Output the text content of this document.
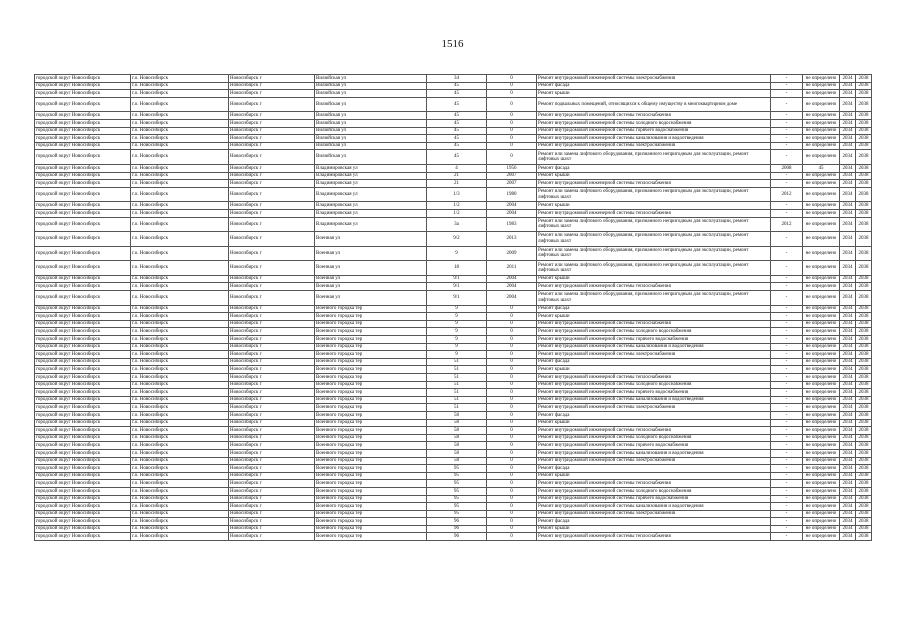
1516
городской округ Новосибирск	г.о. Новосибирск	Новосибирск г	Вилюйская ул	34	0	Ремонт внутридомовой инженерной системы электроснабжения	-	не определено	2034	2038
городской округ Новосибирск	г.о. Новосибирск	Новосибирск г	Вилюйская ул	45	0	Ремонт фасада	-	не определено	2034	2038
городской округ Новосибирск	г.о. Новосибирск	Новосибирск г	Вилюйская ул	45	0	Ремонт крыши	-	не определено	2034	2038
городской округ Новосибирск	г.о. Новосибирск	Новосибирск г	Вилюйская ул	45	0	Ремонт подвальных помещений, относящихся к общему имуществу в многоквартирном доме	-	не определено	2034	2038
городской округ Новосибирск	г.о. Новосибирск	Новосибирск г	Вилюйская ул	45	0	Ремонт внутридомовой инженерной системы теплоснабжения	-	не определено	2034	2038
городской округ Новосибирск	г.о. Новосибирск	Новосибирск г	Вилюйская ул	45	0	Ремонт внутридомовой инженерной системы холодного водоснабжения	-	не определено	2034	2038
городской округ Новосибирск	г.о. Новосибирск	Новосибирск г	Вилюйская ул	45	0	Ремонт внутридомовой инженерной системы горячего водоснабжения	-	не определено	2034	2038
городской округ Новосибирск	г.о. Новосибирск	Новосибирск г	Вилюйская ул	45	0	Ремонт внутридомовой инженерной системы канализования и водоотведения	-	не определено	2034	2038
городской округ Новосибирск	г.о. Новосибирск	Новосибирск г	Вилюйская ул	45	0	Ремонт внутридомовой инженерной системы электроснабжения	-	не определено	2034	2038
городской округ Новосибирск	г.о. Новосибирск	Новосибирск г	Вилюйская ул	45	0	Ремонт или замена лифтового оборудования, признанного непригодным для эксплуатации, ремонт лифтовых шахт	-	не определено	2034	2038
городской округ Новосибирск	г.о. Новосибирск	Новосибирск г	Владимировская ул	4	1956	Ремонт фасада	2008	45	2034	2038
городской округ Новосибирск	г.о. Новосибирск	Новосибирск г	Владимировская ул	21	2007	Ремонт крыши	-	не определено	2034	2038
городской округ Новосибирск	г.о. Новосибирск	Новосибирск г	Владимировская ул	21	2007	Ремонт внутридомовой инженерной системы теплоснабжения	-	не определено	2034	2038
городской округ Новосибирск	г.о. Новосибирск	Новосибирск г	Владимировская ул	1/3	1980	Ремонт или замена лифтового оборудования, признанного непригодным для эксплуатации, ремонт лифтовых шахт	2012	не определено	2034	2038
городской округ Новосибирск	г.о. Новосибирск	Новосибирск г	Владимировская ул	1/2	2004	Ремонт крыши	-	не определено	2034	2038
городской округ Новосибирск	г.о. Новосибирск	Новосибирск г	Владимировская ул	1/2	2004	Ремонт внутридомовой инженерной системы теплоснабжения	-	не определено	2034	2038
городской округ Новосибирск	г.о. Новосибирск	Новосибирск г	Владимировская ул	3а	1983	Ремонт или замена лифтового оборудования, признанного непригодным для эксплуатации, ремонт лифтовых шахт	2012	не определено	2034	2038
городской округ Новосибирск	г.о. Новосибирск	Новосибирск г	Военная ул	9/2	2013	Ремонт или замена лифтового оборудования, признанного непригодным для эксплуатации, ремонт лифтовых шахт	-	не определено	2034	2038
городской округ Новосибирск	г.о. Новосибирск	Новосибирск г	Военная ул	9	2009	Ремонт или замена лифтового оборудования, признанного непригодным для эксплуатации, ремонт лифтовых шахт	-	не определено	2034	2038
городской округ Новосибирск	г.о. Новосибирск	Новосибирск г	Военная ул	18	2011	Ремонт или замена лифтового оборудования, признанного непригодным для эксплуатации, ремонт лифтовых шахт	-	не определено	2034	2038
городской округ Новосибирск	г.о. Новосибирск	Новосибирск г	Военная ул	9/1	2004	Ремонт крыши	-	не определено	2034	2038
городской округ Новосибирск	г.о. Новосибирск	Новосибирск г	Военная ул	9/1	2004	Ремонт внутридомовой инженерной системы теплоснабжения	-	не определено	2034	2038
городской округ Новосибирск	г.о. Новосибирск	Новосибирск г	Военная ул	9/1	2004	Ремонт или замена лифтового оборудования, признанного непригодным для эксплуатации, ремонт лифтовых шахт	-	не определено	2034	2038
городской округ Новосибирск	г.о. Новосибирск	Новосибирск г	Военного городка тер	9	0	Ремонт фасада	-	не определено	2034	2038
городской округ Новосибирск	г.о. Новосибирск	Новосибирск г	Военного городка тер	9	0	Ремонт крыши	-	не определено	2034	2038
городской округ Новосибирск	г.о. Новосибирск	Новосибирск г	Военного городка тер	9	0	Ремонт внутридомовой инженерной системы теплоснабжения	-	не определено	2034	2038
городской округ Новосибирск	г.о. Новосибирск	Новосибирск г	Военного городка тер	9	0	Ремонт внутридомовой инженерной системы холодного водоснабжения	-	не определено	2034	2038
городской округ Новосибирск	г.о. Новосибирск	Новосибирск г	Военного городка тер	9	0	Ремонт внутридомовой инженерной системы горячего водоснабжения	-	не определено	2034	2038
городской округ Новосибирск	г.о. Новосибирск	Новосибирск г	Военного городка тер	9	0	Ремонт внутридомовой инженерной системы канализования и водоотведения	-	не определено	2034	2038
городской округ Новосибирск	г.о. Новосибирск	Новосибирск г	Военного городка тер	9	0	Ремонт внутридомовой инженерной системы электроснабжения	-	не определено	2034	2038
городской округ Новосибирск	г.о. Новосибирск	Новосибирск г	Военного городка тер	51	0	Ремонт фасада	-	не определено	2034	2038
городской округ Новосибирск	г.о. Новосибирск	Новосибирск г	Военного городка тер	51	0	Ремонт крыши	-	не определено	2034	2038
городской округ Новосибирск	г.о. Новосибирск	Новосибирск г	Военного городка тер	51	0	Ремонт внутридомовой инженерной системы теплоснабжения	-	не определено	2034	2038
городской округ Новосибирск	г.о. Новосибирск	Новосибирск г	Военного городка тер	51	0	Ремонт внутридомовой инженерной системы холодного водоснабжения	-	не определено	2034	2038
городской округ Новосибирск	г.о. Новосибирск	Новосибирск г	Военного городка тер	51	0	Ремонт внутридомовой инженерной системы горячего водоснабжения	-	не определено	2034	2038
городской округ Новосибирск	г.о. Новосибирск	Новосибирск г	Военного городка тер	51	0	Ремонт внутридомовой инженерной системы канализования и водоотведения	-	не определено	2034	2038
городской округ Новосибирск	г.о. Новосибирск	Новосибирск г	Военного городка тер	51	0	Ремонт внутридомовой инженерной системы электроснабжения	-	не определено	2034	2038
городской округ Новосибирск	г.о. Новосибирск	Новосибирск г	Военного городка тер	58	0	Ремонт фасада	-	не определено	2034	2038
городской округ Новосибирск	г.о. Новосибирск	Новосибирск г	Военного городка тер	58	0	Ремонт крыши	-	не определено	2034	2038
городской округ Новосибирск	г.о. Новосибирск	Новосибирск г	Военного городка тер	58	0	Ремонт внутридомовой инженерной системы теплоснабжения	-	не определено	2034	2038
городской округ Новосибирск	г.о. Новосибирск	Новосибирск г	Военного городка тер	58	0	Ремонт внутридомовой инженерной системы холодного водоснабжения	-	не определено	2034	2038
городской округ Новосибирск	г.о. Новосибирск	Новосибирск г	Военного городка тер	58	0	Ремонт внутридомовой инженерной системы горячего водоснабжения	-	не определено	2034	2038
городской округ Новосибирск	г.о. Новосибирск	Новосибирск г	Военного городка тер	58	0	Ремонт внутридомовой инженерной системы канализования и водоотведения	-	не определено	2034	2038
городской округ Новосибирск	г.о. Новосибирск	Новосибирск г	Военного городка тер	58	0	Ремонт внутридомовой инженерной системы электроснабжения	-	не определено	2034	2038
городской округ Новосибирск	г.о. Новосибирск	Новосибирск г	Военного городка тер	95	0	Ремонт фасада	-	не определено	2034	2038
городской округ Новосибирск	г.о. Новосибирск	Новосибирск г	Военного городка тер	95	0	Ремонт крыши	-	не определено	2034	2038
городской округ Новосибирск	г.о. Новосибирск	Новосибирск г	Военного городка тер	95	0	Ремонт внутридомовой инженерной системы теплоснабжения	-	не определено	2034	2038
городской округ Новосибирск	г.о. Новосибирск	Новосибирск г	Военного городка тер	95	0	Ремонт внутридомовой инженерной системы холодного водоснабжения	-	не определено	2034	2038
городской округ Новосибирск	г.о. Новосибирск	Новосибирск г	Военного городка тер	95	0	Ремонт внутридомовой инженерной системы горячего водоснабжения	-	не определено	2034	2038
городской округ Новосибирск	г.о. Новосибирск	Новосибирск г	Военного городка тер	95	0	Ремонт внутридомовой инженерной системы канализования и водоотведения	-	не определено	2034	2038
городской округ Новосибирск	г.о. Новосибирск	Новосибирск г	Военного городка тер	95	0	Ремонт внутридомовой инженерной системы электроснабжения	-	не определено	2034	2038
городской округ Новосибирск	г.о. Новосибирск	Новосибирск г	Военного городка тер	96	0	Ремонт фасада	-	не определено	2034	2038
городской округ Новосибирск	г.о. Новосибирск	Новосибирск г	Военного городка тер	96	0	Ремонт крыши	-	не определено	2034	2038
городской округ Новосибирск	г.о. Новосибирск	Новосибирск г	Военного городка тер	96	0	Ремонт внутридомовой инженерной системы теплоснабжения	-	не определено	2034	2038
